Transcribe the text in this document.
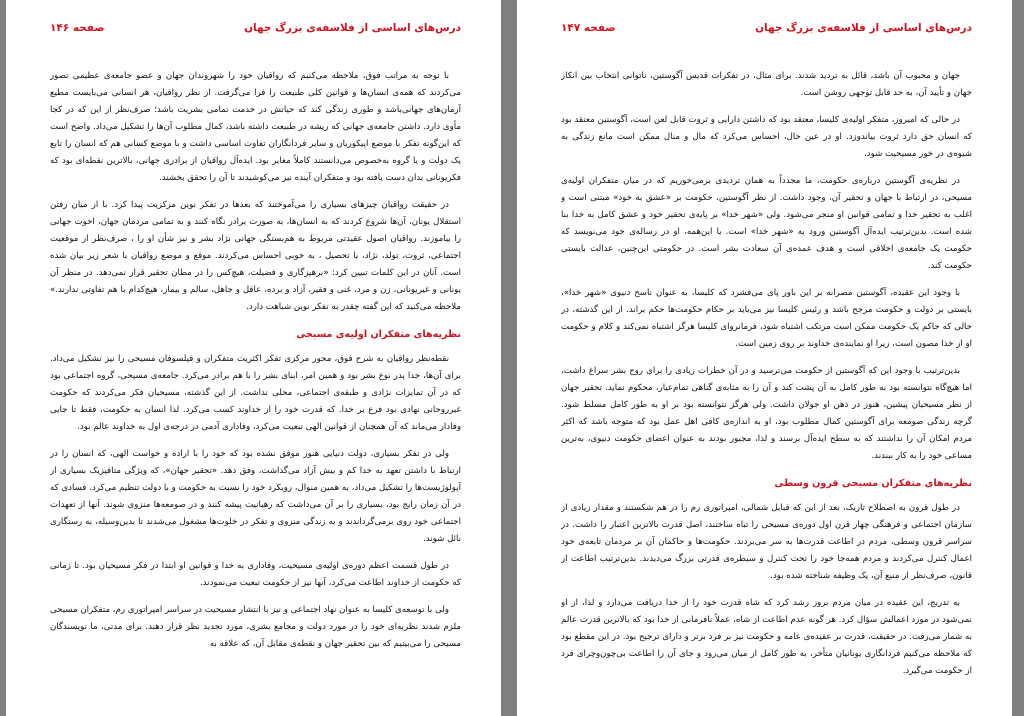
درس‌های اساسی از فلاسفه‌ی بزرگ جهان
صفحه ۱۴۶

با توجه به مراتب فوق، ملاحظه می‌کنیم که رواقیان خود را شهروندان جهان و عضو جامعه‌ی عظیمی تصور می‌کردند که همه‌ی انسان‌ها و قوانین کلی طبیعت را فرا می‌گرفت. از نظر رواقیان، هر انسانی می‌بایست مطیع آرمان‌های جهانی‌باشد و طوری زندگی کند که حیاتش در خدمت تمامی بشریت باشد؛ صرف‌نظر از این که در کجا مأوی دارد. داشتن جامعه‌ی جهانی که ریشه در طبیعت داشته باشد، کمال مطلوب آن‌ها را تشکیل می‌داد. واضح است که این‌گونه تفکر با موضع اپیکوریان و سایر فردانگاران تفاوت اساسی داشت و با موضع کسانی هم که انسان را تابع یک دولت و یا گروه به‌خصوص می‌دانستند کاملاً مغایر بود. ایده‌آل رواقیان از برادری جهانی، بالاترین نقطه‌ای بود که فکریونانی بدان دست یافته بود و متفکران آینده نیز می‌کوشیدند تا آن را تحقق بخشند.

در حقیقت رواقیان چیزهای بسیاری را می‌آموختند که بعدها در تفکر نوین مرکزیت پیدا کرد. با از میان رفتن استقلال یونان، آن‌ها شروع کردند که به انسان‌ها، به صورت برادر نگاه کنند و به تمامی مردمان جهان، اخوت جهانی را بیاموزند. رواقیان اصول عقیدتی مربوط به هم‌بستگی جهانی نژاد بشر و نیز شأن او را ، صرف‌نظر از موقعیت اجتماعی، ثروت، تولد، نژاد، یا تحصیل ، به خوبی احساس می‌کردند. موقع و موضع رواقیان با شعر زیر بیان شده است. آنان در این کلمات تبیین کرد: «برهیزگاری و فضیلت، هیچ‌کس را در مطان تحقیر قرار نمی‌دهد. در منظر آن یونانی و غیریونانی، زن و مرد، غنی و فقیر، آزاد و برده، عاقل و جاهل، سالم و بیمار، هیچ‌کدام با هم تفاوتی ندارند.» ملاحظه می‌کنید که این گفته چقدر به تفکر نوین شباهت دارد.

نظریه‌های متفکران اولیه‌ی مسیحی

نقطه‌نظر رواقیان به شرح فوق، محور مرکزی تفکر اکثریت متفکران و فیلسوفان مسیحی را نیز تشکیل می‌داد. برای آن‌ها، خدا پدر نوع بشر بود و همین امر، ابنای بشر را با هم برادر می‌کرد. جامعه‌ی مسیحی، گروه اجتماعی بود که در آن تمایزات نژادی و طبقه‌ی اجتماعی، محلی نداشت. از این گذشته، مسیحیان فکر می‌کردند که حکومت غیرروحانی نهادی بود فرع بر خدا. که قدرت خود را از خداوند کسب می‌کرد. لذا انسان به حکومت، فقط تا جایی وفادار می‌ماند که آن همچنان از قوانین الهی تبعیت می‌کرد، وفاداری آدمی در درجه‌ی اول به خداوند عالم بود.

ولی در تفکر بسیاری، دولت دنیایی هنوز موفق نشده بود که خود را با اراده و خواست الهی، که انسان را در ارتباط با داشتن تعهد به خدا کم و بیش آزاد می‌گذاشت، وفق دهد. «تحقیر جهان»، که ویژگی متافیزیک بسیاری از آپولوژیست‌ها را تشکیل می‌داد، به همین منوال، رویکرد خود را نسبت به حکومت و با دولت تنظیم می‌کرد. فسادی که در آن زمان رایج بود، بسیاری را بر آن می‌داشت که رهبانیت پیشه کنند و در صومعه‌ها منزوی شوند. آنها از تعهدات اجتماعی خود روی برمی‌گرداندند و به زندگی منزوی و تفکر در خلوت‌ها مشغول می‌شدند تا بدین‌وسیله، به رستگاری نائل شوند.

در طول قسمت اعظم دوره‌ی اولیه‌ی مسیحیت، وفاداری به خدا و قوانین او ابتدا در فکر مسیحیان بود. تا زمانی که حکومت از خداوند اطاعت می‌کرد، آنها نیز از حکومت تبعیت می‌نمودند.

ولی با توسعه‌ی کلیسا به عنوان نهاد اجتماعی و نیز با انتشار مسیحیت در سراسر امپراتوری رم، متفکران مسیحی ملزم شدند نظریه‌ای خود را در مورد دولت و مجامع بشری، مورد تجدید نظر قرار دهند. برای مدتی، ما نویسندگان مسیحی را می‌بینیم که بین تحقیر جهان و نقطه‌ی مقابل آن، که علاقه به

درس‌های اساسی از فلاسفه‌ی بزرگ جهان
صفحه ۱۴۷

جهان و محبوب آن باشد، قائل به تردید شدند. برای مثال، در تفکرات قدیس آگوستین، ناتوانی انتخاب بین انکار جهان و تأیید آن، به حد قابل توجهی روشن است.

در حالی که امبروز، متفکر اولیه‌ی کلیسا، معتقد بود که داشتن دارایی و ثروت قابل لعن است، آگوستین معتقد بود که انسان حق دارد ثروت بیاندوزد. او در عین حال، احساس می‌کرد که مال و منال ممکن است مانع زندگی به شیوه‌ی در خور مسیحیت شود.

در نظریه‌ی آگوستین درباره‌ی حکومت، ما مجدداً به همان تردیدی برمی‌خوریم که در میان متفکران اولیه‌ی مسیحی، در ارتباط با جهان و تحقیر آن، وجود داشت. از نظر آگوستین، حکومت بر «عشق به خود» مبتنی است و اغلب به تحقیر خدا و تمامی قوانین او منجر می‌شود. ولی «شهر خدا» بر پایه‌ی تحقیر خود و عشق کامل به خدا بنا شده است. بدین‌ترتیب ایده‌آل آگوستین ورود به «شهر خدا» است. با این‌همه، او در رساله‌ی خود می‌نویسد که حکومت یک جامعه‌ی اخلاقی است و هدف عمده‌ی آن سعادت بشر است. در حکومتی این‌چنین، عدالت بایستی حکومت کند.

با وجود این عقیده، آگوستین مصرانه بر این باور پای می‌فشرد که کلیسا، به عنوان ناسخ دنیوی «شهر خدا»، بایستی بر دولت و حکومت مرجح باشد و رئیس کلیسا نیز می‌باید بر حکام حکومت‌ها حکم براند. از این گذشته، در حالی که حاکم یک حکومت ممکن است مرتکب اشتباه شود، فرمانروای کلیسا هرگز اشتباه نمی‌کند و کلام و حکومت او از خدا مصون است، زیرا او نماینده‌ی خداوند بر روی زمین است.

بدین‌ترتیب با وجود این که آگوستین از حکومت می‌ترسید و در آن خطرات زیادی را برای روح بشر سراغ داشت، اما هیچ‌گاه نتوانسته بود به طور کامل به آن پشت کند و آن را به مثابه‌ی گناهی تمام‌عیار، محکوم نماید. تحقیر جهان از نظر مسیحیان پیشین، هنوز در ذهن او جولان داشت. ولی هرگز نتوانسته بود بر او به طور کامل مسلط شود. گرچه زندگی صومعه برای آگوستین کمال مطلوب بود، او به اندازه‌ی کافی اهل عمل بود که متوجه باشد که اکثر مردم امکان آن را نداشتند که به سطح ایده‌آل برسند و لذا، مجبور بودند به عنوان اعضای حکومت دنیوی، به‌ترین مساعی خود را به کار ببندند.

نظریه‌های متفکران مسیحی قرون وسطی

در طول قرون به اصطلاح تاریک، بعد از این که قبایل شمالی، امپراتوری رم را در هم شکستند و مقدار زیادی از سازمان اجتماعی و فرهنگی چهار قرن اول دوره‌ی مسیحی را تباه ساختند، اصل قدرت بالاترین اعتبار را داشت. در سراسر قرون وسطی، مردم در اطاعت قدرت‌ها به سر می‌بردند. حکومت‌ها و حاکمان آن بر مردمان تابعه‌ی خود اعمال کنترل می‌کردند و مردم همه‌جا خود را تحت کنترل و سیطره‌ی قدرتی بزرگ می‌دیدند. بدین‌ترتیب اطاعت از قانون، صرف‌نظر از منبع آن، یک وظیفه شناخته شده بود.

به تدریج، این عقیده در میان مردم بروز رشد کرد که شاه قدرت خود را از خدا دریافت می‌دارد و لذا، از او نمی‌شود در مورد اعمالش سؤال کرد. هر گونه عدم اطاعت از شاه، عملاً نافرمانی از خدا بود که بالاترین قدرت عالم به شمار می‌رفت. در حقیقت، قدرت بر عقیده‌ی عامه و حکومت نیز بر فرد برتر و دارای ترجیح بود. در این مقطع بود که ملاحظه می‌کنیم فردانگاری یونانیان متأخر، به طور کامل از میان می‌رود و جای آن را اطاعت بی‌چون‌وچرای فرد از حکومت می‌گیرد.
